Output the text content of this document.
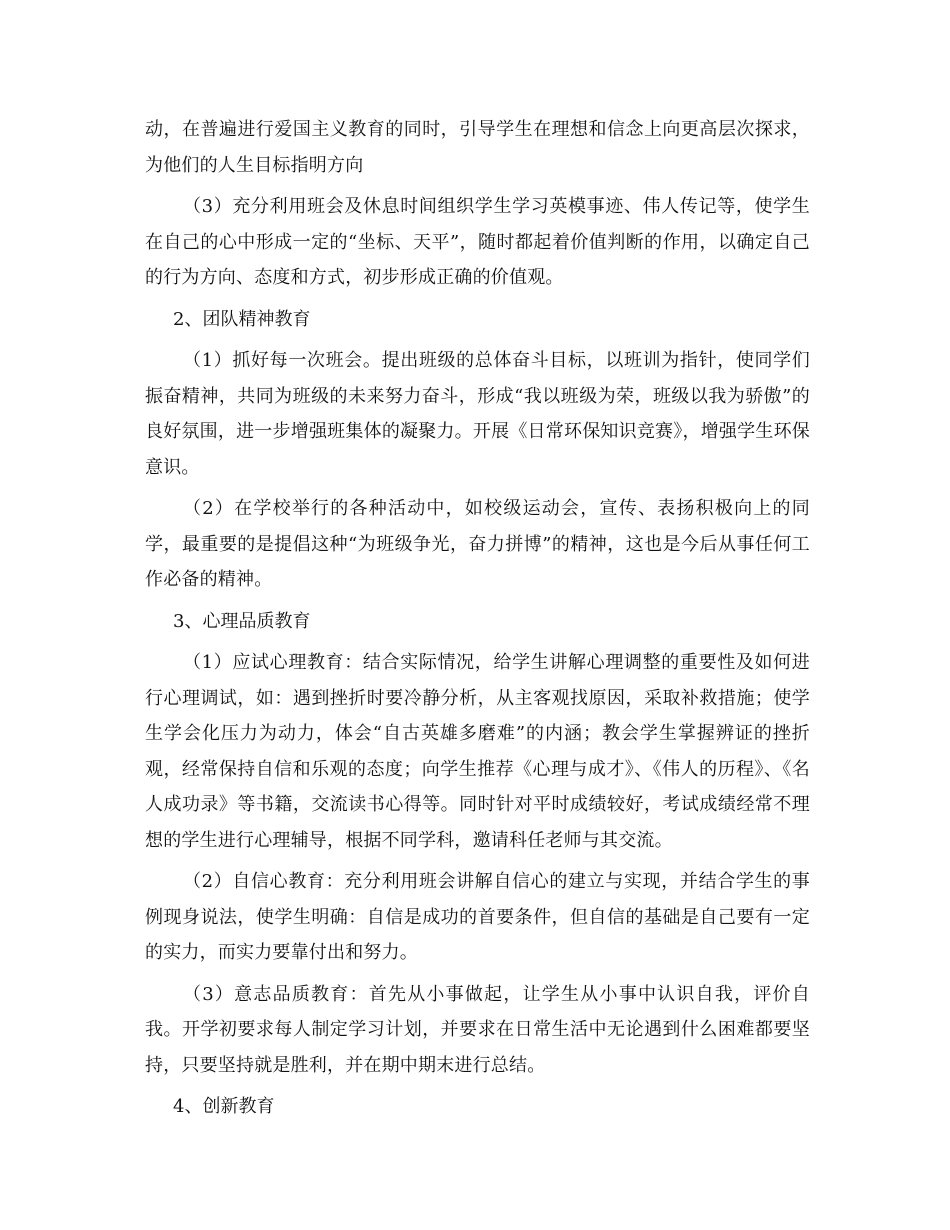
动，在普遍进行爱国主义教育的同时，引导学生在理想和信念上向更高层次探求，为他们的人生目标指明方向

（3）充分利用班会及休息时间组织学生学习英模事迹、伟人传记等，使学生在自己的心中形成一定的“坐标、天平”，随时都起着价值判断的作用，以确定自己的行为方向、态度和方式，初步形成正确的价值观。

2、团队精神教育

（1）抓好每一次班会。提出班级的总体奋斗目标，以班训为指针，使同学们振奋精神，共同为班级的未来努力奋斗，形成“我以班级为荣，班级以我为骄傲”的良好氛围，进一步增强班集体的凝聚力。开展《日常环保知识竞赛》，增强学生环保意识。

（2）在学校举行的各种活动中，如校级运动会，宣传、表扬积极向上的同学，最重要的是提倡这种“为班级争光，奋力拼博”的精神，这也是今后从事任何工作必备的精神。

3、心理品质教育

（1）应试心理教育：结合实际情况，给学生讲解心理调整的重要性及如何进行心理调试，如：遇到挫折时要冷静分析，从主客观找原因，采取补救措施；使学生学会化压力为动力，体会“自古英雄多磨难”的内涵；教会学生掌握辨证的挫折观，经常保持自信和乐观的态度；向学生推荐《心理与成才》、《伟人的历程》、《名人成功录》等书籍，交流读书心得等。同时针对平时成绩较好，考试成绩经常不理想的学生进行心理辅导，根据不同学科，邀请科任老师与其交流。

（2）自信心教育：充分利用班会讲解自信心的建立与实现，并结合学生的事例现身说法，使学生明确：自信是成功的首要条件，但自信的基础是自己要有一定的实力，而实力要靠付出和努力。

（3）意志品质教育：首先从小事做起，让学生从小事中认识自我，评价自我。开学初要求每人制定学习计划，并要求在日常生活中无论遇到什么困难都要坚持，只要坚持就是胜利，并在期中期末进行总结。

4、创新教育
